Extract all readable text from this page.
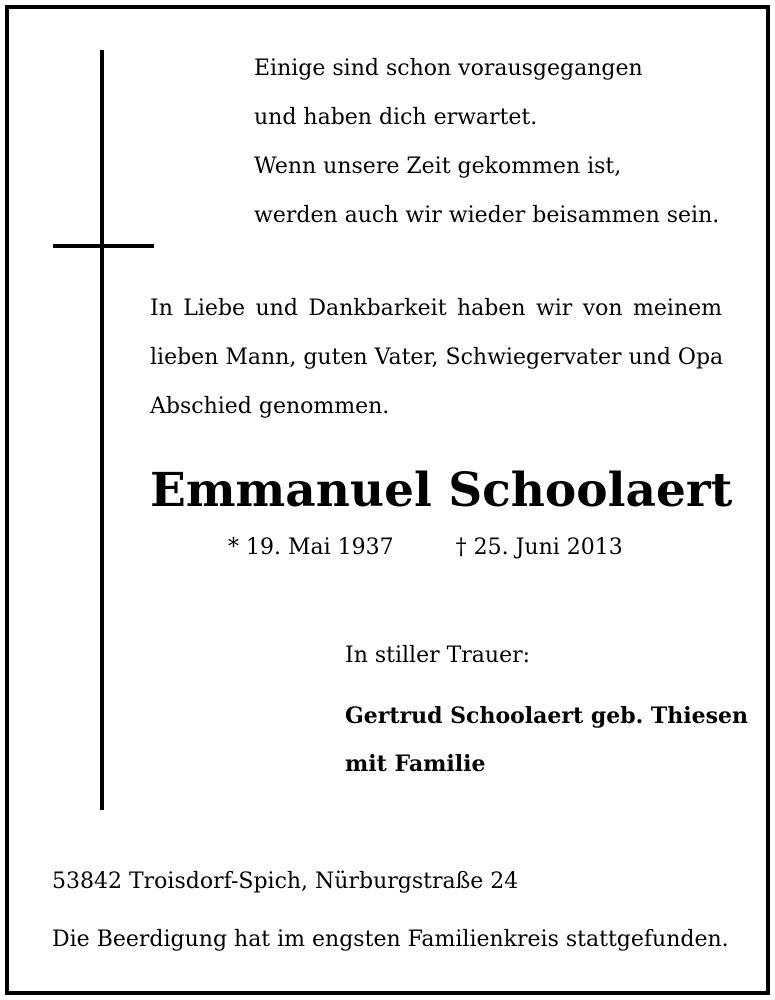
Einige sind schon vorausgegangen
und haben dich erwartet.
Wenn unsere Zeit gekommen ist,
werden auch wir wieder beisammen sein.
In Liebe und Dankbarkeit haben wir von meinem
lieben Mann, guten Vater, Schwiegervater und Opa
Abschied genommen.
Emmanuel Schoolaert
* 19. Mai 1937	† 25. Juni 2013
In stiller Trauer:
Gertrud Schoolaert geb. Thiesen
mit Familie
53842 Troisdorf-Spich, Nürburgstraße 24
Die Beerdigung hat im engsten Familienkreis stattgefunden.
